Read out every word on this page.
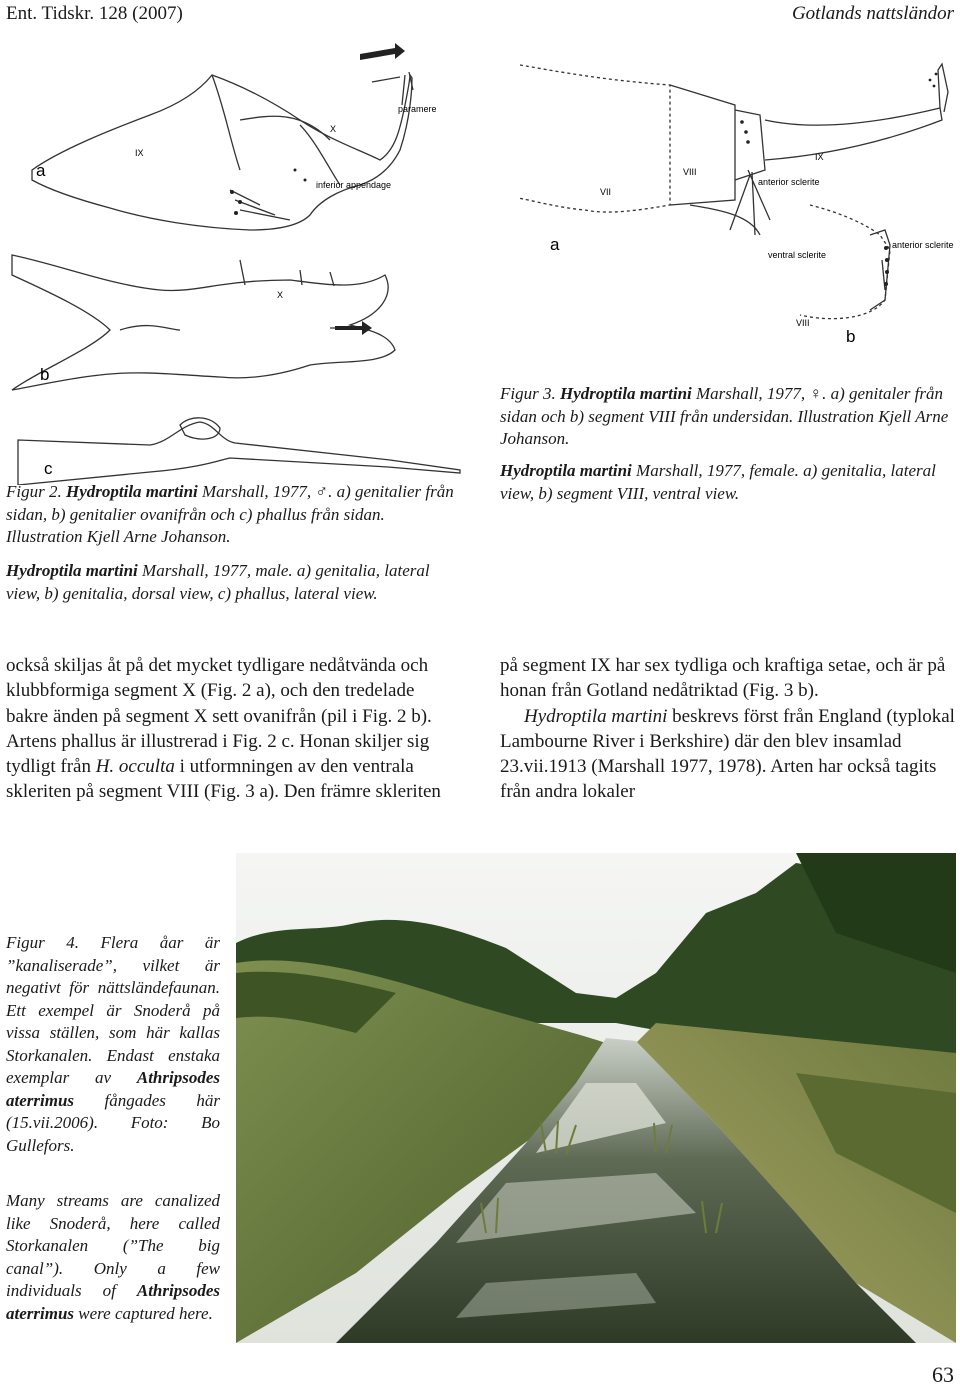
Ent. Tidskr. 128 (2007)	Gotlands nattsländor
a
IX
X
paramere
inferior appendage
X
b
c
VII
VIII
IX
anterior sclerite
a
ventral sclerite
anterior sclerite
VIII
b
Figur 2. Hydroptila martini Marshall, 1977, ♂. a) genitalier från sidan, b) genitalier ovanifrån och c) phallus från sidan. Illustration Kjell Arne Johanson.
Hydroptila martini Marshall, 1977, male. a) genitalia, lateral view, b) genitalia, dorsal view, c) phallus, lateral view.
Figur 3. Hydroptila martini Marshall, 1977, ♀. a) genitaler från sidan och b) segment VIII från undersidan. Illustration Kjell Arne Johanson.
Hydroptila martini Marshall, 1977, female. a) genitalia, lateral view, b) segment VIII, ventral view.

också skiljas åt på det mycket tydligare nedåtvända och klubbformiga segment X (Fig. 2 a), och den tredelade bakre änden på segment X sett ovanifrån (pil i Fig. 2 b). Artens phallus är illustrerad i Fig. 2 c. Honan skiljer sig tydligt från H. occulta i utformningen av den ventrala skleriten på segment VIII (Fig. 3 a). Den främre skleriten

på segment IX har sex tydliga och kraftiga setae, och är på honan från Gotland nedåtriktad (Fig. 3 b).

Hydroptila martini beskrevs först från England (typlokal Lambourne River i Berkshire) där den blev insamlad 23.vii.1913 (Marshall 1977, 1978). Arten har också tagits från andra lokaler

Figur 4. Flera åar är ”kanaliserade”, vilket är negativt för nättsländefaunan. Ett exempel är Snoderå på vissa ställen, som här kallas Storkanalen. Endast enstaka exemplar av Athripsodes aterrimus fångades här (15.vii.2006). Foto: Bo Gullefors.
Many streams are canalized like Snoderå, here called Storkanalen (”The big canal”). Only a few individuals of Athripsodes aterrimus were captured here.
63
